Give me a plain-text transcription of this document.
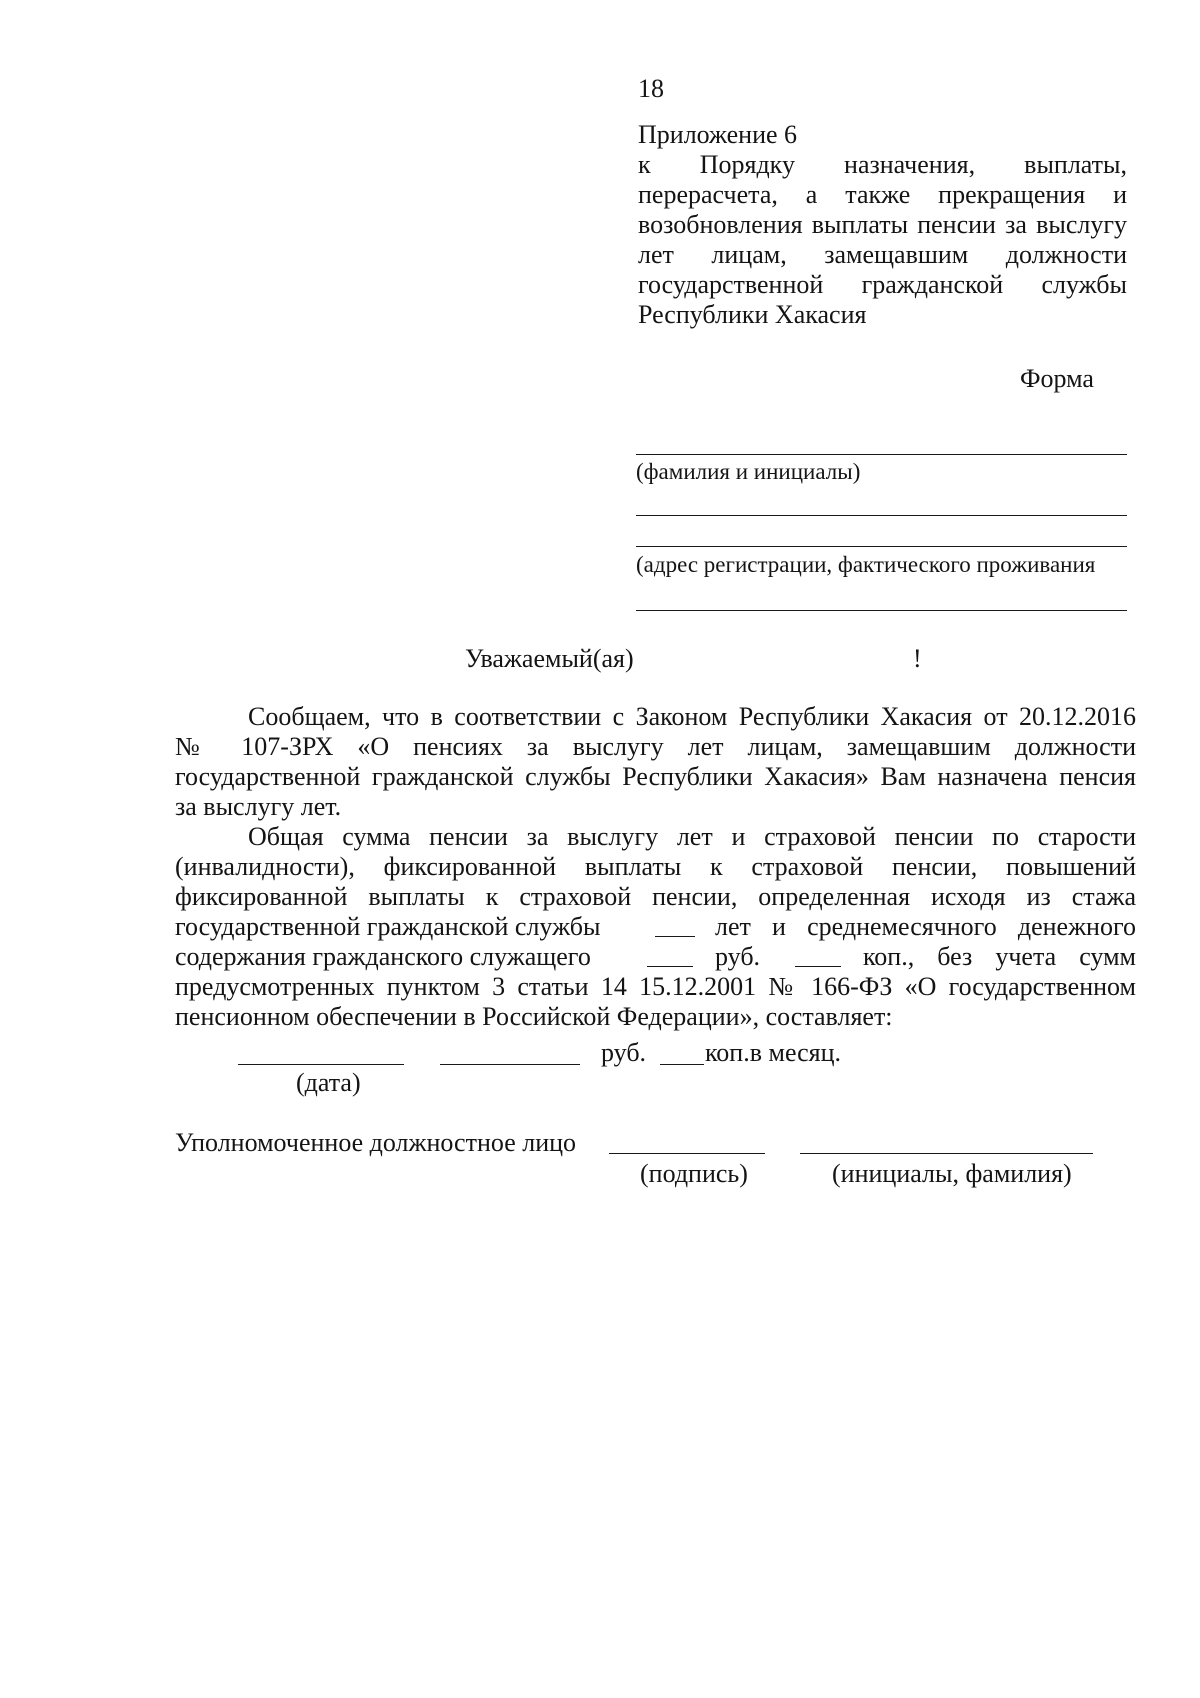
18
Приложение 6
к Порядку назначения, выплаты,
перерасчета, а также прекращения и
возобновления выплаты пенсии за выслугу
лет лицам, замещавшим должности
государственной гражданской службы
Республики Хакасия
Форма
(фамилия и инициалы)
(адрес регистрации, фактического проживания
Уважаемый(ая)	!
Сообщаем, что в соответствии с Законом Республики Хакасия от 20.12.2016
№ 107-ЗРХ «О пенсиях за выслугу лет лицам, замещавшим должности
государственной гражданской службы Республики Хакасия» Вам назначена пенсия
за выслугу лет.
Общая сумма пенсии за выслугу лет и страховой пенсии по старости
(инвалидности), фиксированной выплаты к страховой пенсии, повышений
фиксированной выплаты к страховой пенсии, определенная исходя из стажа
государственной гражданской службы	лет и среднемесячного денежного
содержания гражданского служащего	руб.	коп., без учета сумм
предусмотренных пунктом 3 статьи 14 15.12.2001 № 166-ФЗ «О государственном
пенсионном обеспечении в Российской Федерации», составляет:
руб. коп.в месяц.
(дата)
Уполномоченное должностное лицо
(подпись)	(инициалы, фамилия)
